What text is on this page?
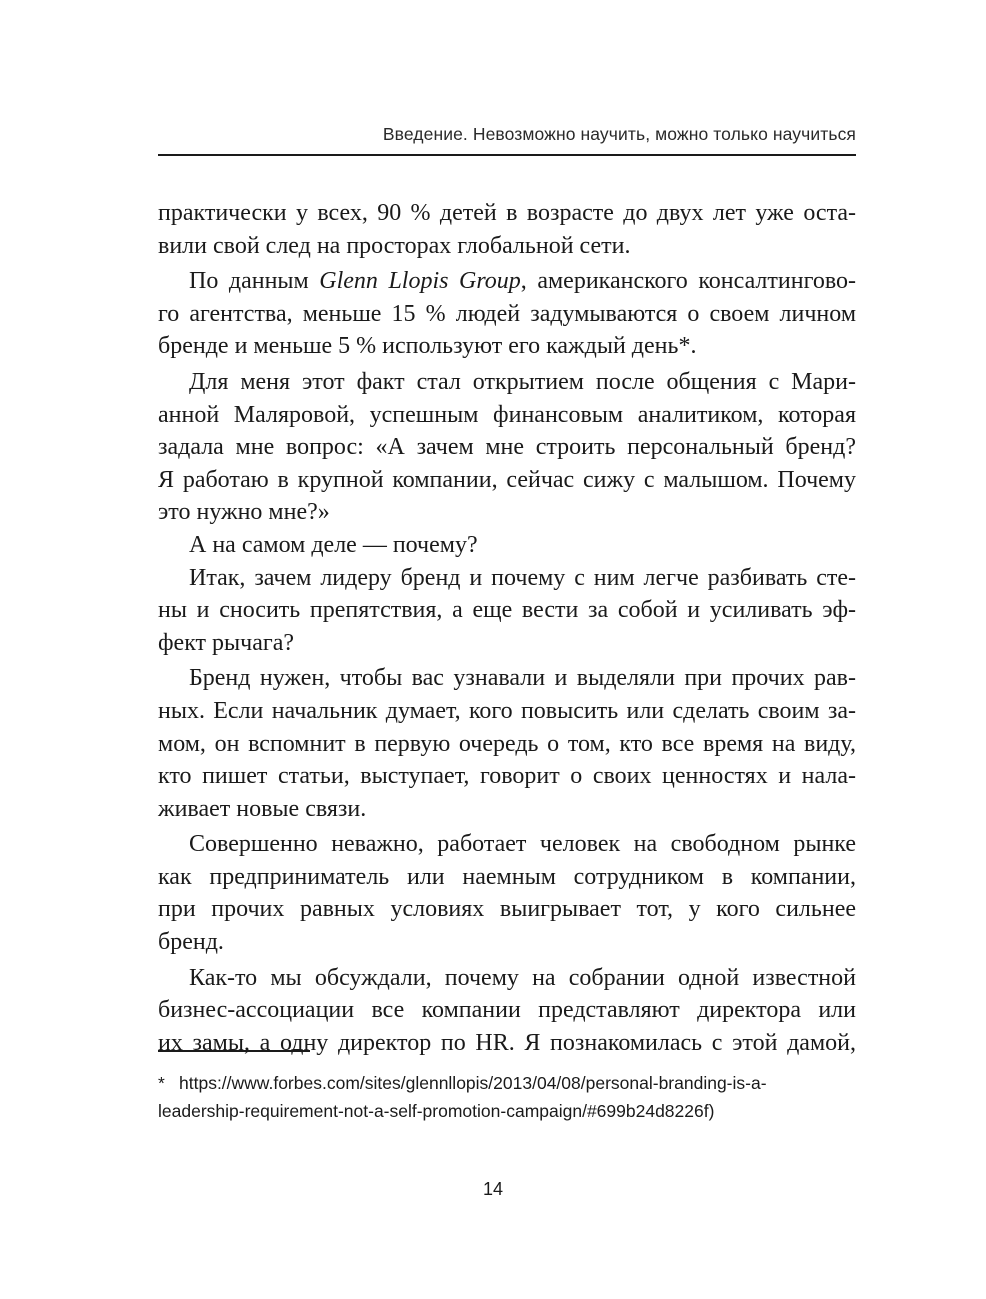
Введение. Невозможно научить, можно только научиться
практически у всех, 90 % детей в возрасте до двух лет уже оста-
вили свой след на просторах глобальной сети.
По данным Glenn Llopis Group, американского консалтингово-
го агентства, меньше 15 % людей задумываются о своем личном
бренде и меньше 5 % используют его каждый день*.
Для меня этот факт стал открытием после общения с Мари-
анной Маляровой, успешным финансовым аналитиком, которая
задала мне вопрос: «А зачем мне строить персональный бренд?
Я работаю в крупной компании, сейчас сижу с малышом. Почему
это нужно мне?»
А на самом деле — почему?
Итак, зачем лидеру бренд и почему с ним легче разбивать сте-
ны и сносить препятствия, а еще вести за собой и усиливать эф-
фект рычага?
Бренд нужен, чтобы вас узнавали и выделяли при прочих рав-
ных. Если начальник думает, кого повысить или сделать своим за-
мом, он вспомнит в первую очередь о том, кто все время на виду,
кто пишет статьи, выступает, говорит о своих ценностях и нала-
живает новые связи.
Совершенно неважно, работает человек на свободном рынке
как предприниматель или наемным сотрудником в компании,
при прочих равных условиях выигрывает тот, у кого сильнее
бренд.
Как-то мы обсуждали, почему на собрании одной известной
бизнес-ассоциации все компании представляют директора или
их замы, а одну директор по HR. Я познакомилась с этой дамой,
* https://www.forbes.com/sites/glennllopis/2013/04/08/personal-branding-is-a-
leadership-requirement-not-a-self-promotion-campaign/#699b24d8226f)
14
